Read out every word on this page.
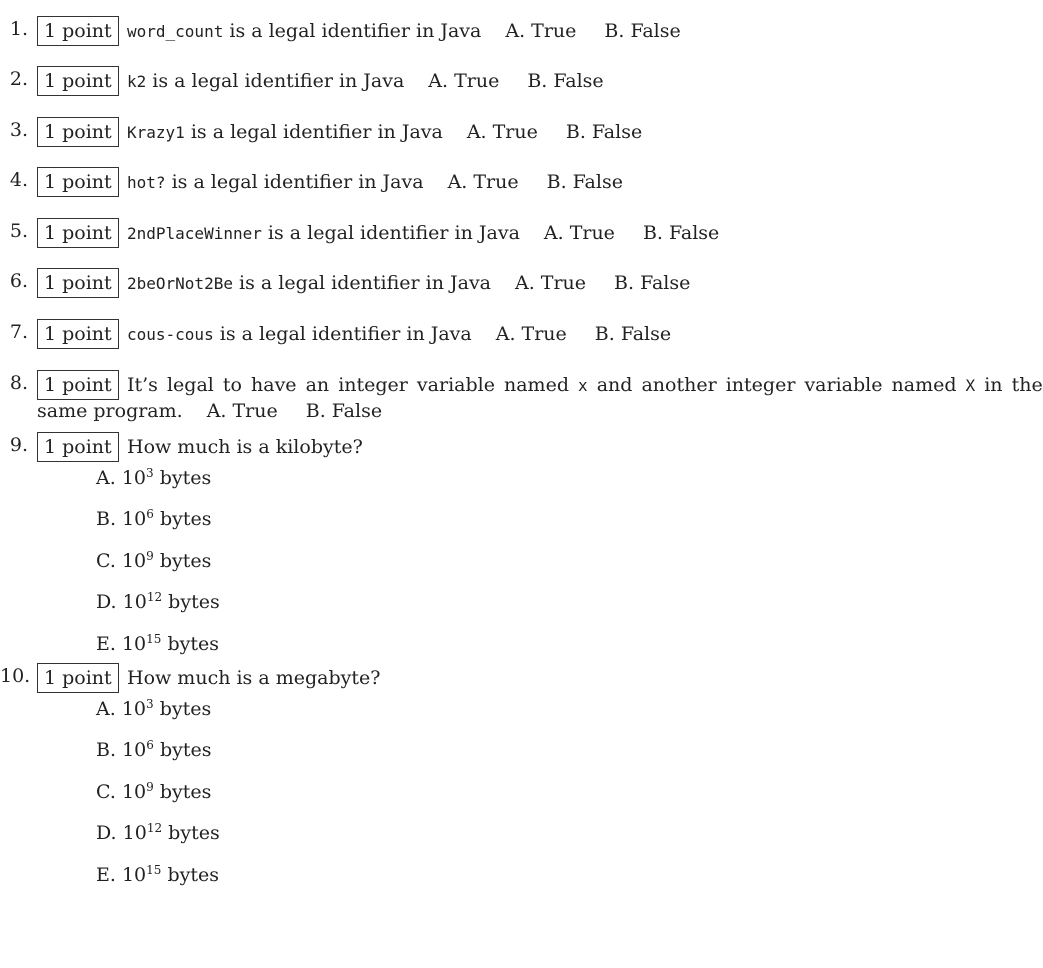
1. 1 point word_count is a legal identifier in Java A. True B. False
2. 1 point k2 is a legal identifier in Java A. True B. False
3. 1 point Krazy1 is a legal identifier in Java A. True B. False
4. 1 point hot? is a legal identifier in Java A. True B. False
5. 1 point 2ndPlaceWinner is a legal identifier in Java A. True B. False
6. 1 point 2beOrNot2Be is a legal identifier in Java A. True B. False
7. 1 point cous-cous is a legal identifier in Java A. True B. False
8. 1 point It’s legal to have an integer variable named x and another integer variable named X in the
same program. A. True B. False
9. 1 point How much is a kilobyte?
A. $10^3$ bytes
B. $10^6$ bytes
C. $10^9$ bytes
D. $10^{12}$ bytes
E. $10^{15}$ bytes
10. 1 point How much is a megabyte?
A. $10^3$ bytes
B. $10^6$ bytes
C. $10^9$ bytes
D. $10^{12}$ bytes
E. $10^{15}$ bytes
